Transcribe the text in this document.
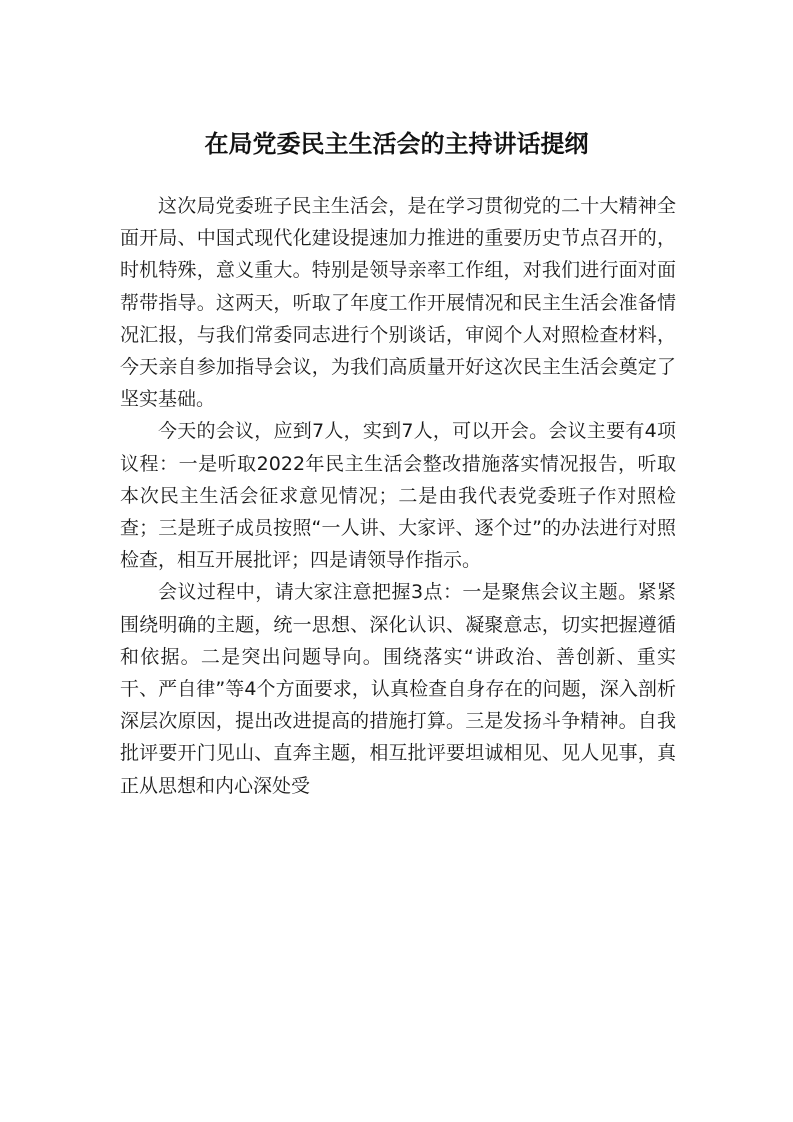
在局党委民主生活会的主持讲话提纲

这次局党委班子民主生活会，是在学习贯彻党的二十大精神全面开局、中国式现代化建设提速加力推进的重要历史节点召开的，时机特殊，意义重大。特别是领导亲率工作组，对我们进行面对面帮带指导。这两天，听取了年度工作开展情况和民主生活会准备情况汇报，与我们常委同志进行个别谈话，审阅个人对照检查材料，今天亲自参加指导会议，为我们高质量开好这次民主生活会奠定了坚实基础。

今天的会议，应到7人，实到7人，可以开会。会议主要有4项议程：一是听取2022年民主生活会整改措施落实情况报告，听取本次民主生活会征求意见情况；二是由我代表党委班子作对照检查；三是班子成员按照“一人讲、大家评、逐个过”的办法进行对照检查，相互开展批评；四是请领导作指示。

会议过程中，请大家注意把握3点：一是聚焦会议主题。紧紧围绕明确的主题，统一思想、深化认识、凝聚意志，切实把握遵循和依据。二是突出问题导向。围绕落实“讲政治、善创新、重实干、严自律”等4个方面要求，认真检查自身存在的问题，深入剖析深层次原因，提出改进提高的措施打算。三是发扬斗争精神。自我批评要开门见山、直奔主题，相互批评要坦诚相见、见人见事，真正从思想和内心深处受
